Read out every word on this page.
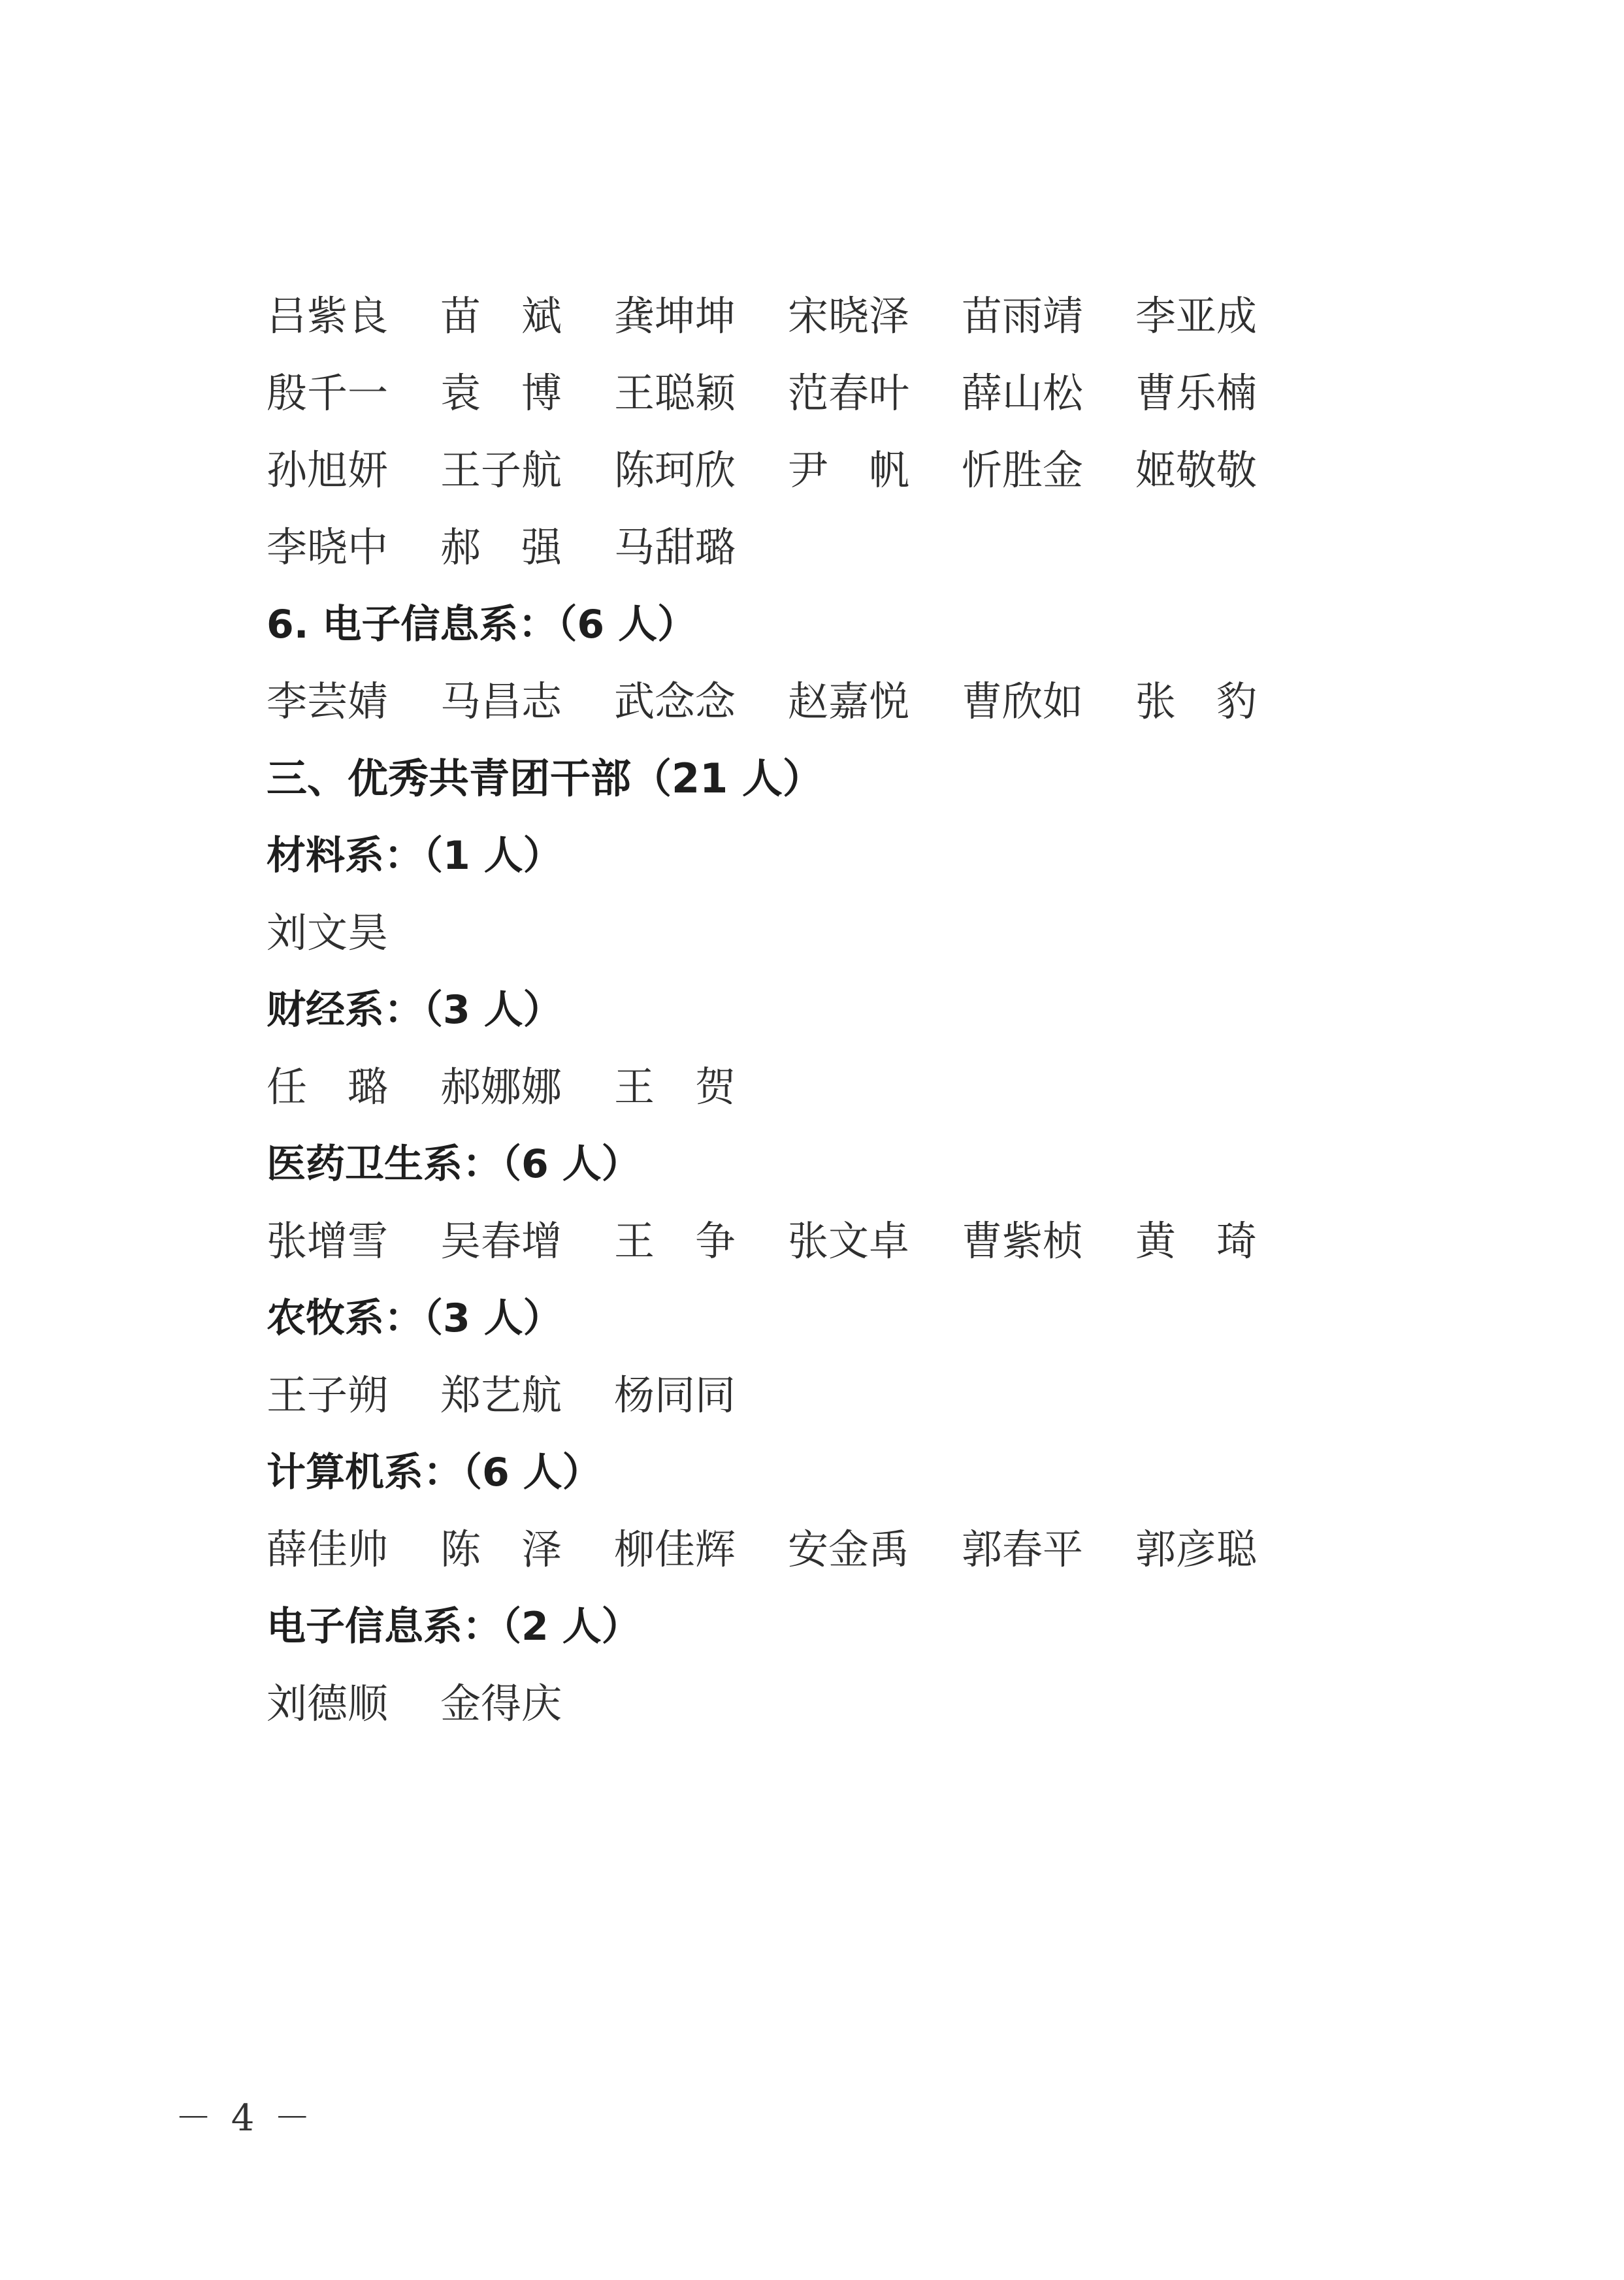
吕紫良	苗　斌	龚坤坤	宋晓泽	苗雨靖	李亚成
殷千一	袁　博	王聪颖	范春叶	薛山松	曹乐楠
孙旭妍	王子航	陈珂欣	尹　帆	忻胜金	姬敬敬
李晓中	郝　强	马甜璐
6. 电子信息系：（6 人）
李芸婧	马昌志	武念念	赵嘉悦	曹欣如	张　豹
三、优秀共青团干部（21 人）
材料系：（1 人）
刘文昊
财经系：（3 人）
任　璐	郝娜娜	王　贺
医药卫生系：（6 人）
张增雪	吴春增	王　争	张文卓	曹紫桢	黄　琦
农牧系：（3 人）
王子朔	郑艺航	杨同同
计算机系：（6 人）
薛佳帅	陈　泽	柳佳辉	安金禹	郭春平	郭彦聪
电子信息系：（2 人）
刘德顺	金得庆
－ 4 －
